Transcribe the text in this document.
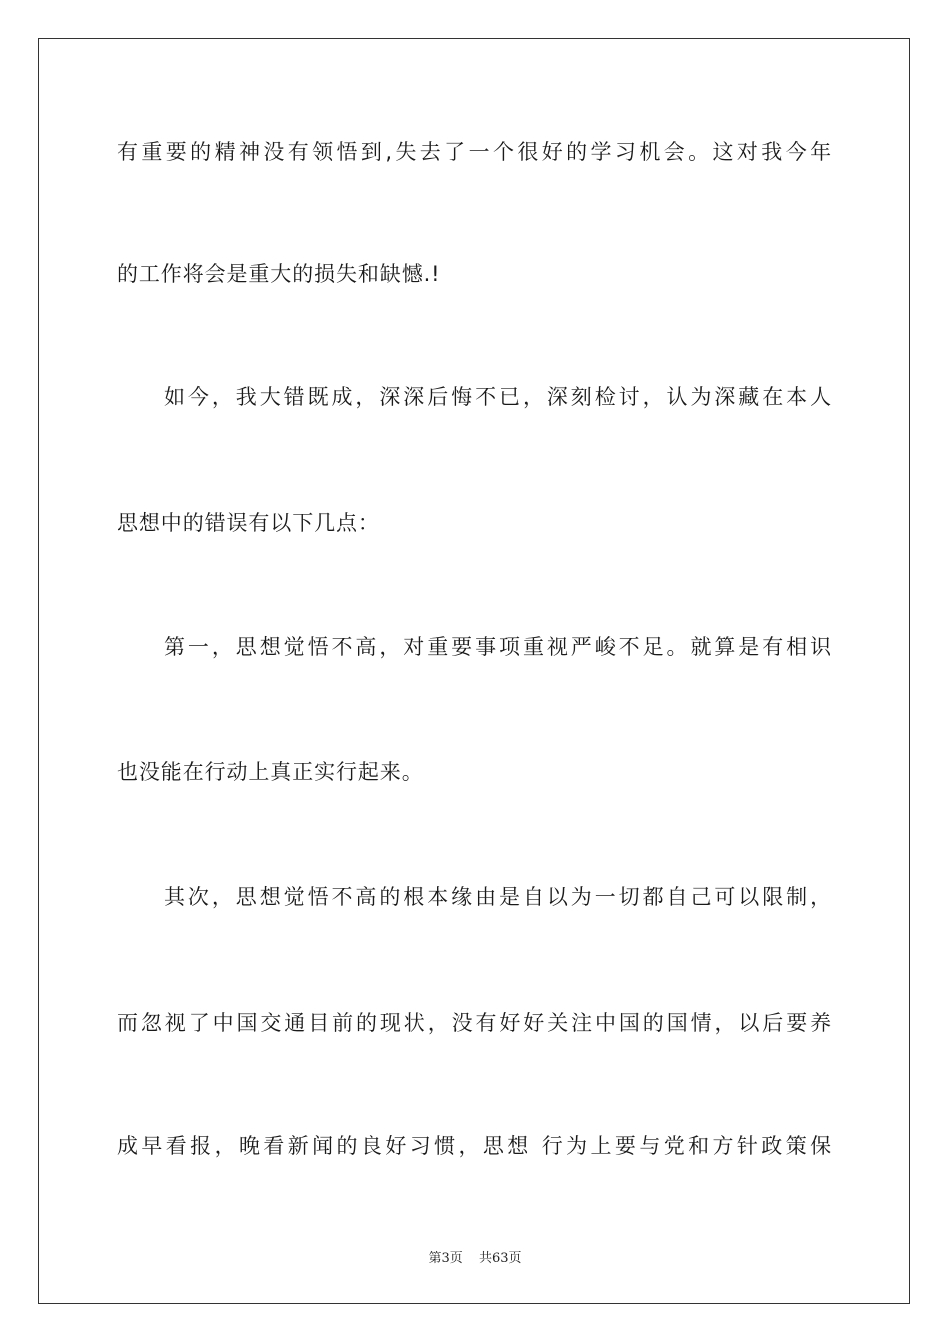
有重要的精神没有领悟到,失去了一个很好的学习机会。这对我今年
的工作将会是重大的损失和缺憾.!
如今，我大错既成，深深后悔不已，深刻检讨，认为深藏在本人
思想中的错误有以下几点：
第一，思想觉悟不高，对重要事项重视严峻不足。就算是有相识
也没能在行动上真正实行起来。
其次，思想觉悟不高的根本缘由是自以为一切都自己可以限制，
而忽视了中国交通目前的现状，没有好好关注中国的国情，以后要养
成早看报，晚看新闻的良好习惯，思想 行为上要与党和方针政策保
第3页 共63页
